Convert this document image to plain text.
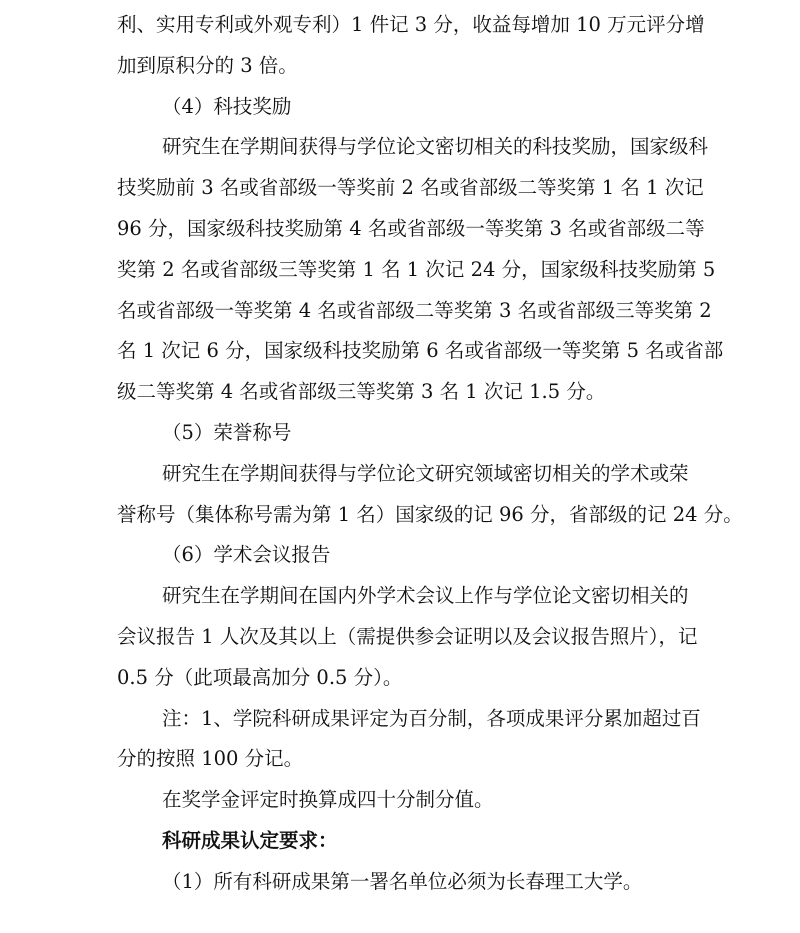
利、实用专利或外观专利）1 件记 3 分，收益每增加 10 万元评分增
加到原积分的 3 倍。
（4）科技奖励
研究生在学期间获得与学位论文密切相关的科技奖励，国家级科
技奖励前 3 名或省部级一等奖前 2 名或省部级二等奖第 1 名 1 次记
96 分，国家级科技奖励第 4 名或省部级一等奖第 3 名或省部级二等
奖第 2 名或省部级三等奖第 1 名 1 次记 24 分，国家级科技奖励第 5
名或省部级一等奖第 4 名或省部级二等奖第 3 名或省部级三等奖第 2
名 1 次记 6 分，国家级科技奖励第 6 名或省部级一等奖第 5 名或省部
级二等奖第 4 名或省部级三等奖第 3 名 1 次记 1.5 分。
（5）荣誉称号
研究生在学期间获得与学位论文研究领域密切相关的学术或荣
誉称号（集体称号需为第 1 名）国家级的记 96 分，省部级的记 24 分。
（6）学术会议报告
研究生在学期间在国内外学术会议上作与学位论文密切相关的
会议报告 1 人次及其以上（需提供参会证明以及会议报告照片），记
0.5 分（此项最高加分 0.5 分）。
注：1、学院科研成果评定为百分制，各项成果评分累加超过百
分的按照 100 分记。
在奖学金评定时换算成四十分制分值。
科研成果认定要求：
（1）所有科研成果第一署名单位必须为长春理工大学。
